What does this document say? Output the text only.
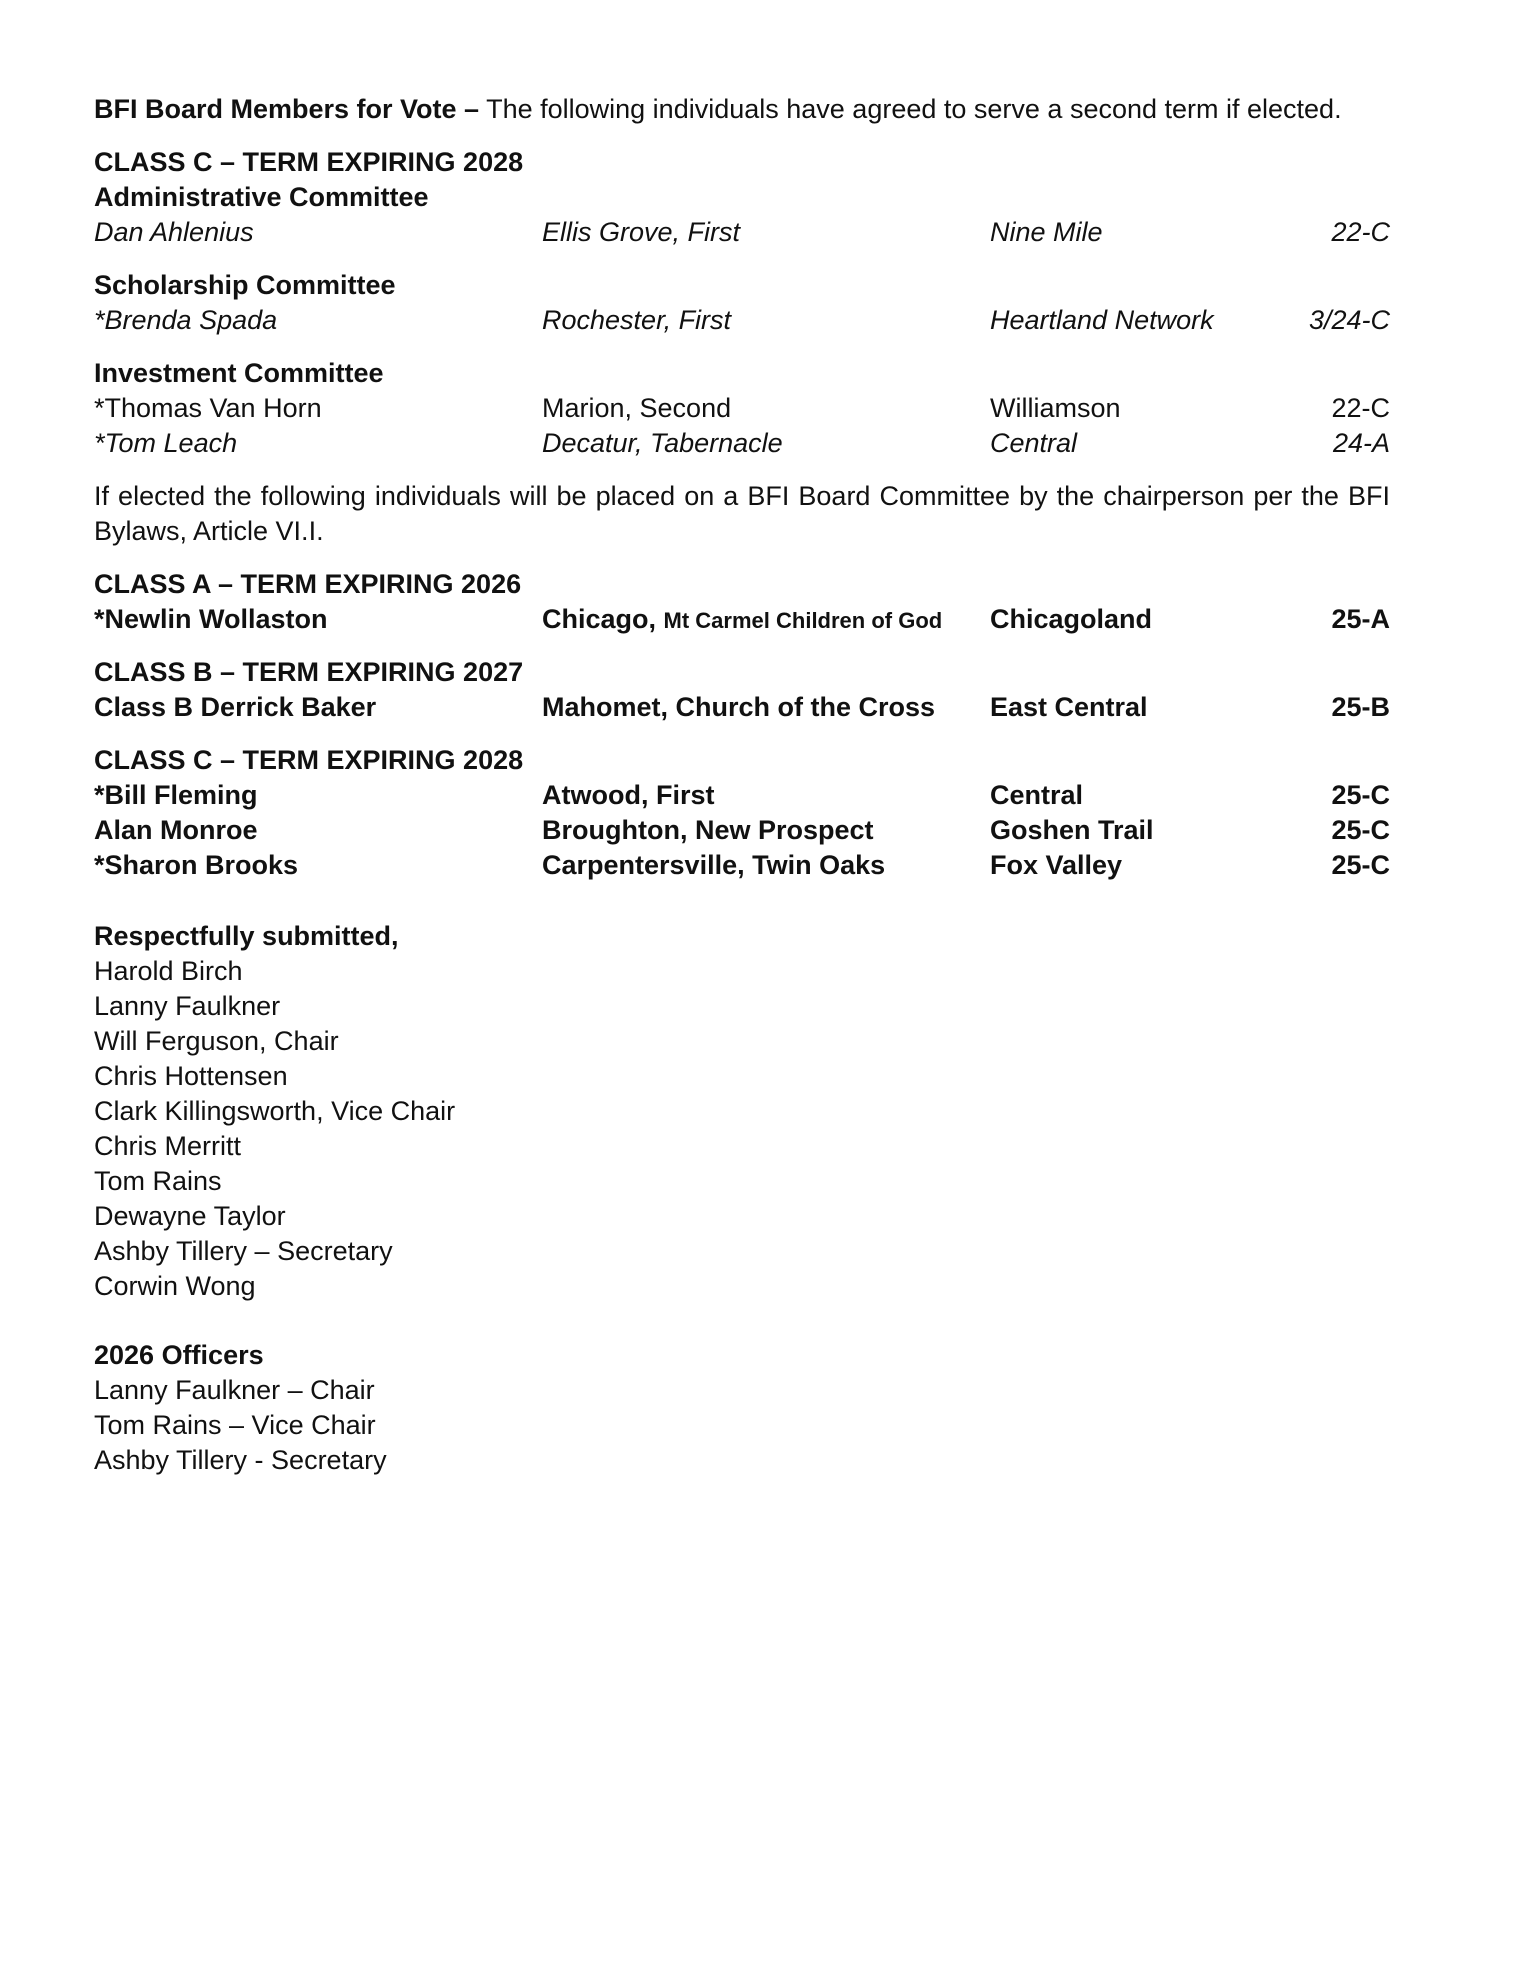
BFI Board Members for Vote – The following individuals have agreed to serve a second term if elected.

CLASS C – TERM EXPIRING 2028
Administrative Committee
Dan Ahlenius	Ellis Grove, First	Nine Mile	22-C
Scholarship Committee
*Brenda Spada	Rochester, First	Heartland Network	3/24-C
Investment Committee
*Thomas Van Horn	Marion, Second	Williamson	22-C
*Tom Leach	Decatur, Tabernacle	Central	24-A

If elected the following individuals will be placed on a BFI Board Committee by the chairperson per the BFI Bylaws, Article VI.I.

CLASS A – TERM EXPIRING 2026
*Newlin Wollaston	Chicago, Mt Carmel Children of God	Chicagoland	25-A
CLASS B – TERM EXPIRING 2027
Class B Derrick Baker	Mahomet, Church of the Cross	East Central	25-B
CLASS C – TERM EXPIRING 2028
*Bill Fleming	Atwood, First	Central	25-C
Alan Monroe	Broughton, New Prospect	Goshen Trail	25-C
*Sharon Brooks	Carpentersville, Twin Oaks	Fox Valley	25-C
Respectfully submitted,
Harold Birch
Lanny Faulkner
Will Ferguson, Chair
Chris Hottensen
Clark Killingsworth, Vice Chair
Chris Merritt
Tom Rains
Dewayne Taylor
Ashby Tillery – Secretary
Corwin Wong
2026 Officers
Lanny Faulkner – Chair
Tom Rains – Vice Chair
Ashby Tillery - Secretary
